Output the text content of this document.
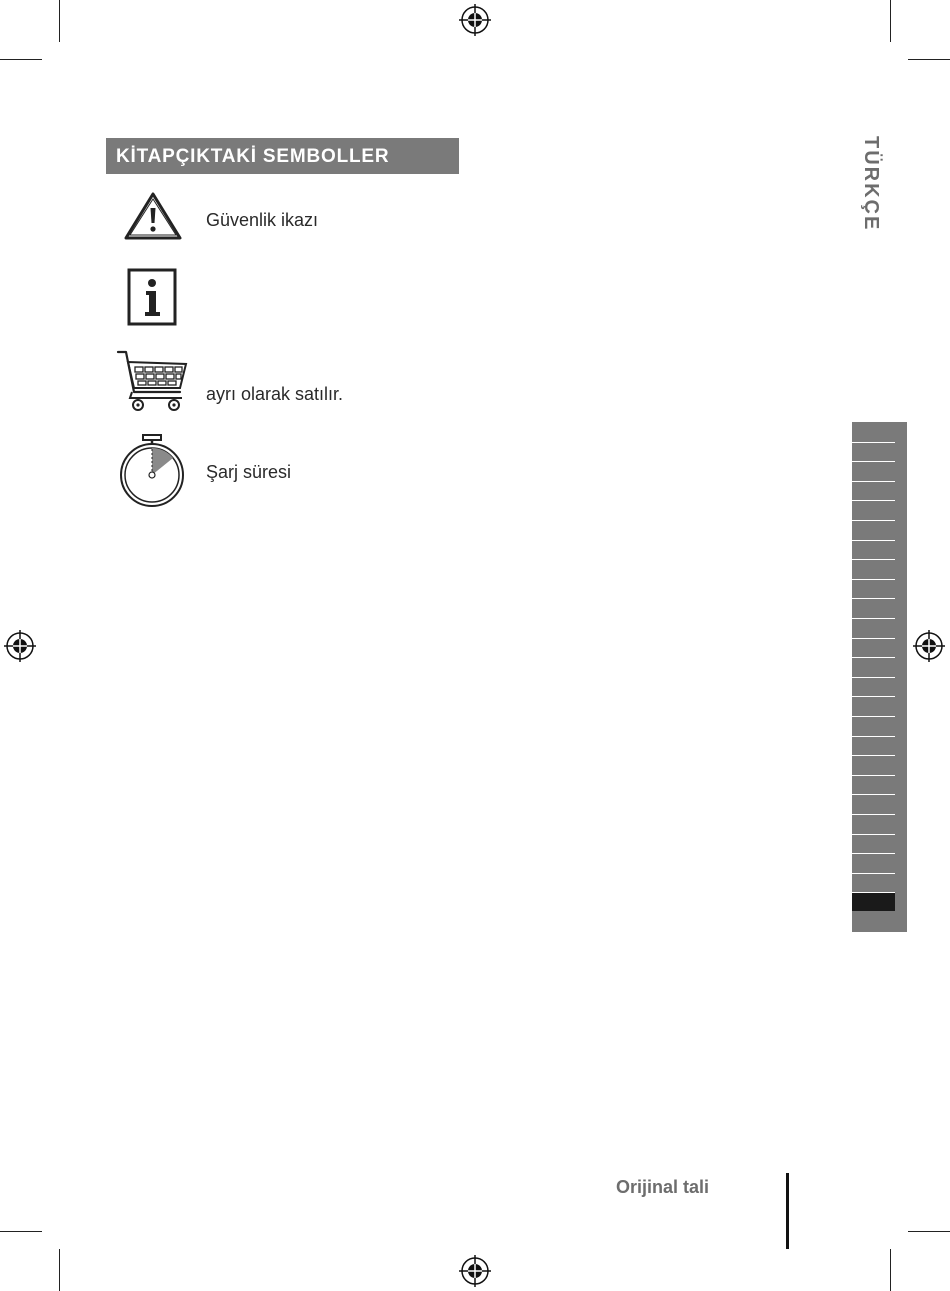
KİTAPÇIKTAKİ SEMBOLLER
Güvenlik ikazı
ayrı olarak satılır.
Şarj süresi
TÜRKÇE
Orijinal tali
